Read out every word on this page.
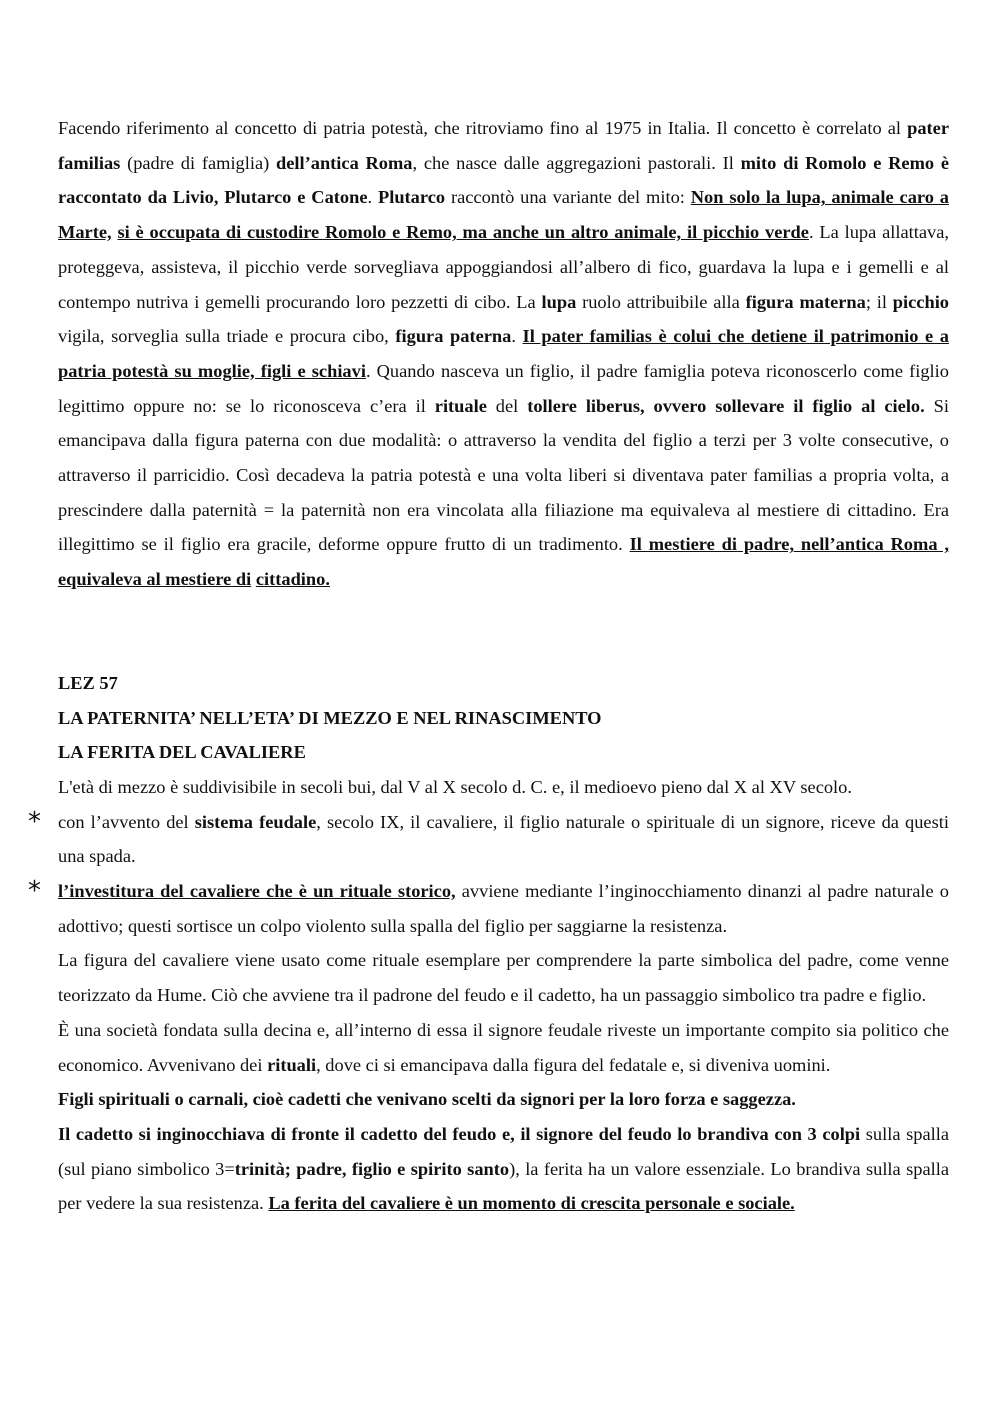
Facendo riferimento al concetto di patria potestà, che ritroviamo fino al 1975 in Italia. Il concetto è correlato al pater familias (padre di famiglia) dell’antica Roma, che nasce dalle aggregazioni pastorali. Il mito di Romolo e Remo è raccontato da Livio, Plutarco e Catone. Plutarco raccontò una variante del mito: Non solo la lupa, animale caro a Marte, si è occupata di custodire Romolo e Remo, ma anche un altro animale, il picchio verde. La lupa allattava, proteggeva, assisteva, il picchio verde sorvegliava appoggiandosi all’albero di fico, guardava la lupa e i gemelli e al contempo nutriva i gemelli procurando loro pezzetti di cibo. La lupa ruolo attribuibile alla figura materna; il picchio vigila, sorveglia sulla triade e procura cibo, figura paterna. Il pater familias è colui che detiene il patrimonio e a patria potestà su moglie, figli e schiavi. Quando nasceva un figlio, il padre famiglia poteva riconoscerlo come figlio legittimo oppure no: se lo riconosceva c’era il rituale del tollere liberus, ovvero sollevare il figlio al cielo. Si emancipava dalla figura paterna con due modalità: o attraverso la vendita del figlio a terzi per 3 volte consecutive, o attraverso il parricidio. Così decadeva la patria potestà e una volta liberi si diventava pater familias a propria volta, a prescindere dalla paternità = la paternità non era vincolata alla filiazione ma equivaleva al mestiere di cittadino. Era illegittimo se il figlio era gracile, deforme oppure frutto di un tradimento. Il mestiere di padre, nell’antica Roma , equivaleva al mestiere di cittadino.

LEZ 57

LA PATERNITA’ NELL’ETA’ DI MEZZO E NEL RINASCIMENTO

LA FERITA DEL CAVALIERE

L'età di mezzo è suddivisibile in secoli bui, dal V al X secolo d. C. e, il medioevo pieno dal X al XV secolo.

* con l’avvento del sistema feudale, secolo IX, il cavaliere, il figlio naturale o spirituale di un signore, riceve da questi una spada.

* l’investitura del cavaliere che è un rituale storico, avviene mediante l’inginocchiamento dinanzi al padre naturale o adottivo; questi sortisce un colpo violento sulla spalla del figlio per saggiarne la resistenza.

La figura del cavaliere viene usato come rituale esemplare per comprendere la parte simbolica del padre, come venne teorizzato da Hume. Ciò che avviene tra il padrone del feudo e il cadetto, ha un passaggio simbolico tra padre e figlio.

È una società fondata sulla decina e, all’interno di essa il signore feudale riveste un importante compito sia politico che economico. Avvenivano dei rituali, dove ci si emancipava dalla figura del fedatale e, si diveniva uomini.

Figli spirituali o carnali, cioè cadetti che venivano scelti da signori per la loro forza e saggezza.

Il cadetto si inginocchiava di fronte il cadetto del feudo e, il signore del feudo lo brandiva con 3 colpi sulla spalla (sul piano simbolico 3=trinità; padre, figlio e spirito santo), la ferita ha un valore essenziale. Lo brandiva sulla spalla per vedere la sua resistenza. La ferita del cavaliere è un momento di crescita personale e sociale.
